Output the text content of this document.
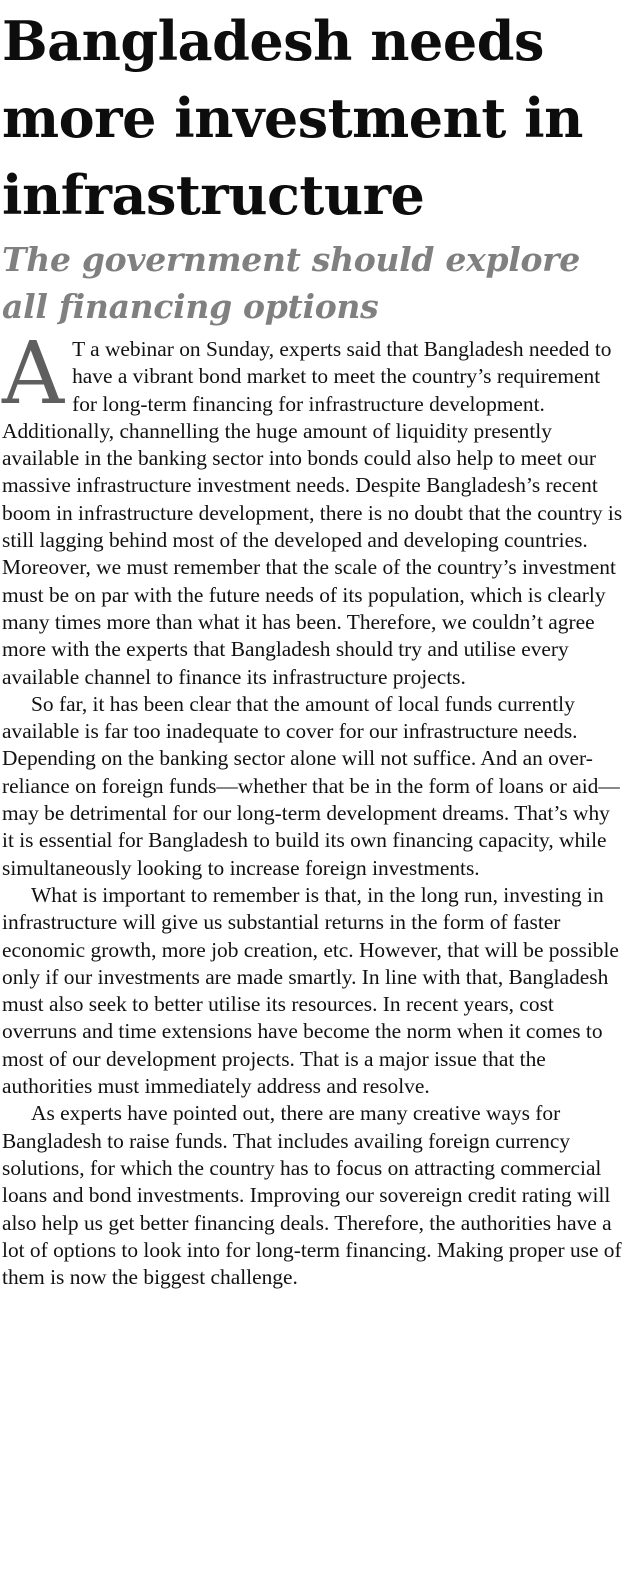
Bangladesh needs more investment in infrastructure
The government should explore all financing options

A T a webinar on Sunday, experts said that Bangladesh needed to have a vibrant bond market to meet the country’s requirement for long-term financing for infrastructure development. Additionally, channelling the huge amount of liquidity presently available in the banking sector into bonds could also help to meet our massive infrastructure investment needs. Despite Bangladesh’s recent boom in infrastructure development, there is no doubt that the country is still lagging behind most of the developed and developing countries. Moreover, we must remember that the scale of the country’s investment must be on par with the future needs of its population, which is clearly many times more than what it has been. Therefore, we couldn’t agree more with the experts that Bangladesh should try and utilise every available channel to finance its infrastructure projects.

So far, it has been clear that the amount of local funds currently available is far too inadequate to cover for our infrastructure needs. Depending on the banking sector alone will not suffice. And an over-reliance on foreign funds—whether that be in the form of loans or aid—may be detrimental for our long-term development dreams. That’s why it is essential for Bangladesh to build its own financing capacity, while simultaneously looking to increase foreign investments.

What is important to remember is that, in the long run, investing in infrastructure will give us substantial returns in the form of faster economic growth, more job creation, etc. However, that will be possible only if our investments are made smartly. In line with that, Bangladesh must also seek to better utilise its resources. In recent years, cost overruns and time extensions have become the norm when it comes to most of our development projects. That is a major issue that the authorities must immediately address and resolve.

As experts have pointed out, there are many creative ways for Bangladesh to raise funds. That includes availing foreign currency solutions, for which the country has to focus on attracting commercial loans and bond investments. Improving our sovereign credit rating will also help us get better financing deals. Therefore, the authorities have a lot of options to look into for long-term financing. Making proper use of them is now the biggest challenge.
